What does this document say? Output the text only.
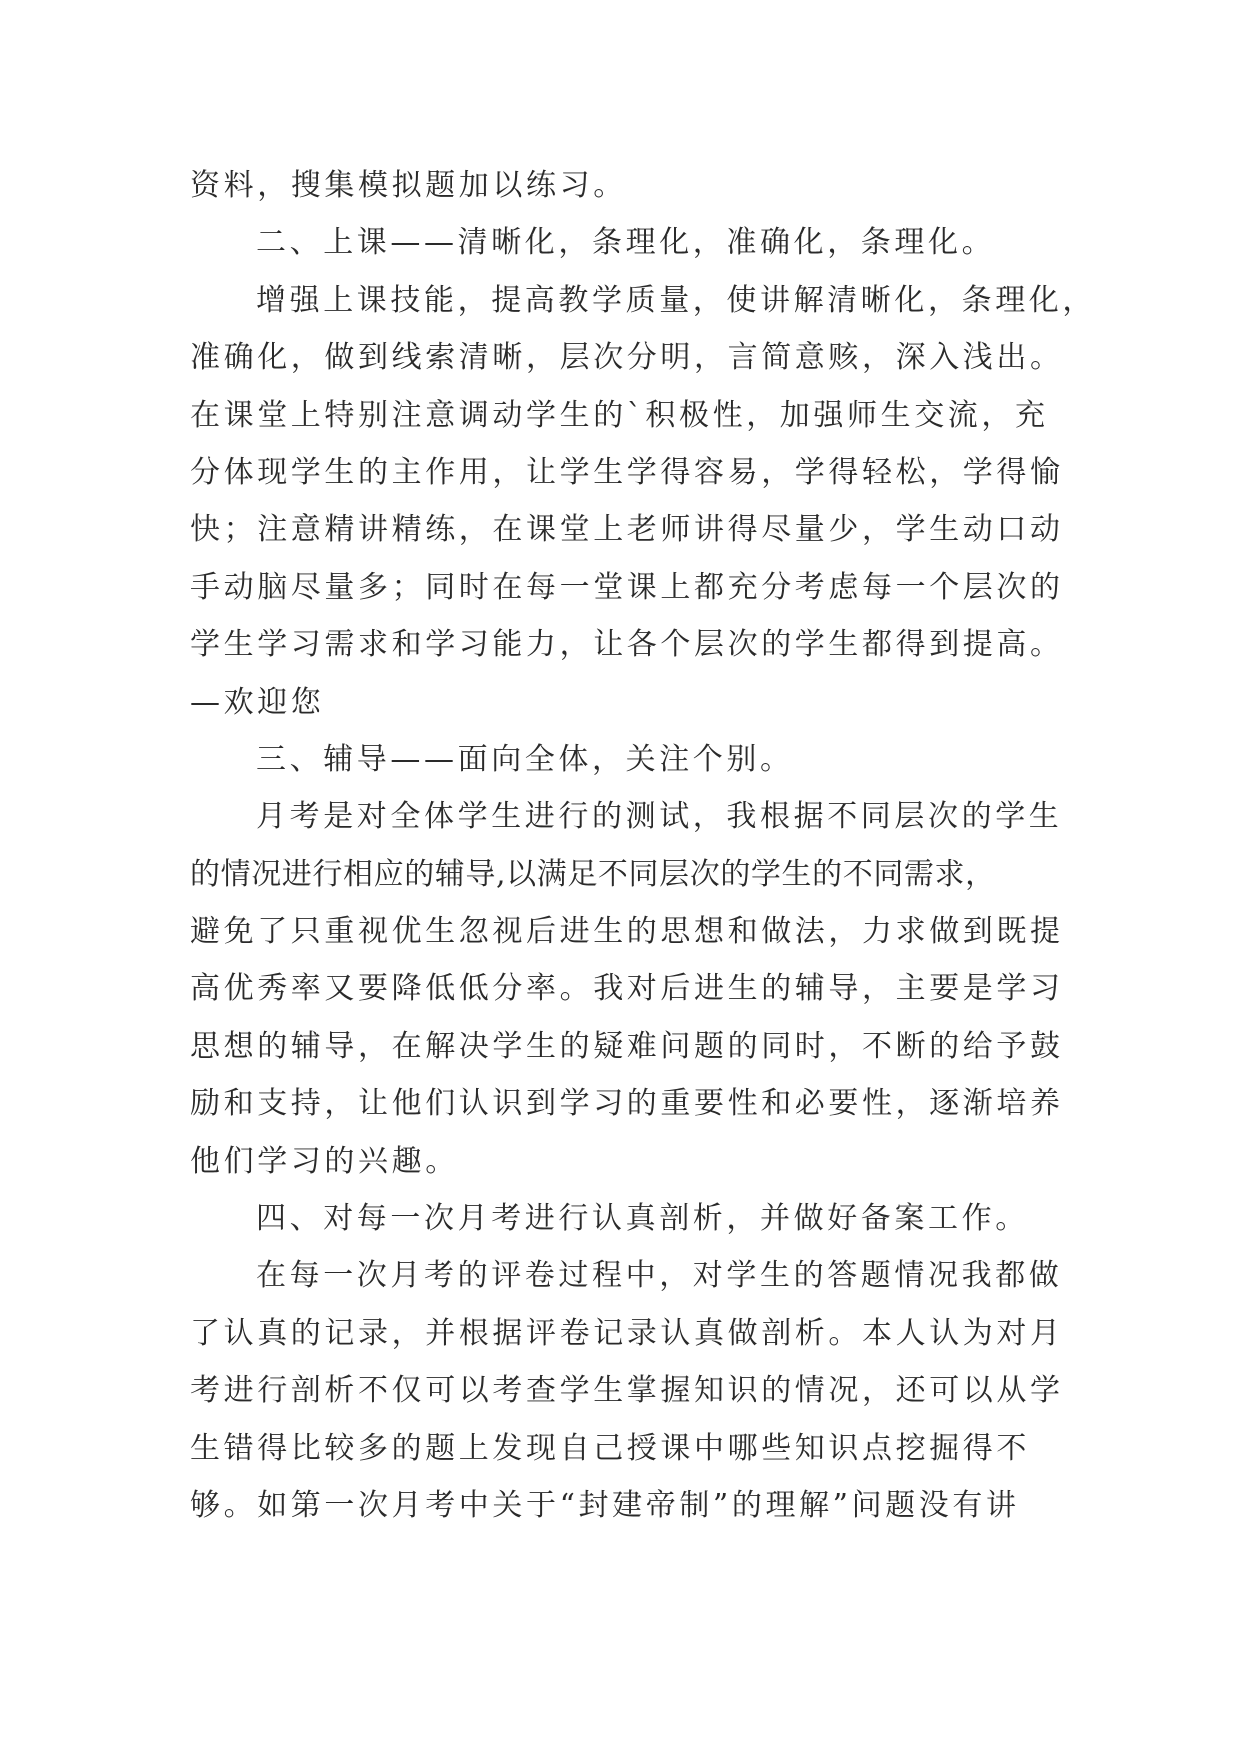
资料，搜集模拟题加以练习。
二、上课——清晰化，条理化，准确化，条理化。
增强上课技能，提高教学质量，使讲解清晰化，条理化，
准确化，做到线索清晰，层次分明，言简意赅，深入浅出。
在课堂上特别注意调动学生的`积极性，加强师生交流，充
分体现学生的主作用，让学生学得容易，学得轻松，学得愉
快；注意精讲精练，在课堂上老师讲得尽量少，学生动口动
手动脑尽量多；同时在每一堂课上都充分考虑每一个层次的
学生学习需求和学习能力，让各个层次的学生都得到提高。
—欢迎您
三、辅导——面向全体，关注个别。
月考是对全体学生进行的测试，我根据不同层次的学生
的情况进行相应的辅导,以满足不同层次的学生的不同需求，
避免了只重视优生忽视后进生的思想和做法，力求做到既提
高优秀率又要降低低分率。我对后进生的辅导，主要是学习
思想的辅导，在解决学生的疑难问题的同时，不断的给予鼓
励和支持，让他们认识到学习的重要性和必要性，逐渐培养
他们学习的兴趣。
四、对每一次月考进行认真剖析，并做好备案工作。
在每一次月考的评卷过程中，对学生的答题情况我都做
了认真的记录，并根据评卷记录认真做剖析。本人认为对月
考进行剖析不仅可以考查学生掌握知识的情况，还可以从学
生错得比较多的题上发现自己授课中哪些知识点挖掘得不
够。如第一次月考中关于“封建帝制”的理解”问题没有讲
